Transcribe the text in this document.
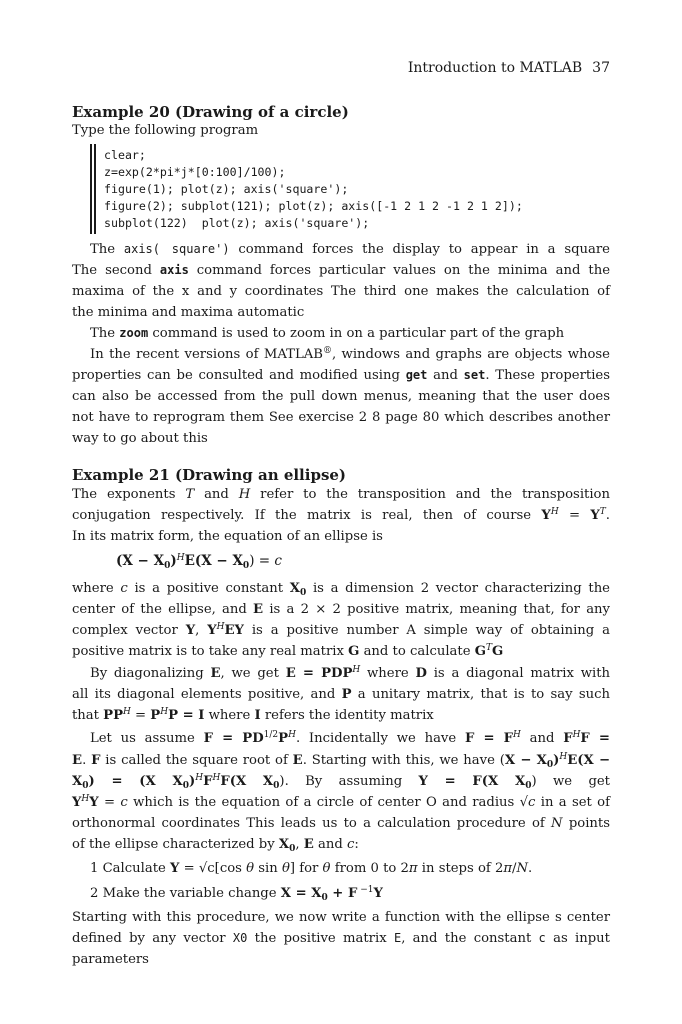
Introduction to MATLAB 37
Example 20 (Drawing of a circle)
Type the following program
clear;
z=exp(2*pi*j*[0:100]/100);
figure(1); plot(z); axis('square');
figure(2); subplot(121); plot(z); axis([-1 2 1 2 -1 2 1 2]);
subplot(122)  plot(z); axis('square');
The axis( square') command forces the display to appear in a square
The second axis command forces particular values on the minima and the
maxima of the x and y coordinates The third one makes the calculation of
the minima and maxima automatic
The zoom command is used to zoom in on a particular part of the graph
In the recent versions of MATLAB®, windows and graphs are objects whose
properties can be consulted and modified using get and set. These properties
can also be accessed from the pull down menus, meaning that the user does
not have to reprogram them See exercise 2 8 page 80 which describes another
way to go about this
Example 21 (Drawing an ellipse)
The exponents T and H refer to the transposition and the transposition
conjugation respectively. If the matrix is real, then of course $Y^H = Y^T$.
In its matrix form, the equation of an ellipse is
$(X - X_0)^HE(X - X_0) = c$
where c is a positive constant $X_0$ is a dimension 2 vector characterizing the
center of the ellipse, and E is a 2 × 2 positive matrix, meaning that, for any
complex vector Y, $Y^HEY$ is a positive number A simple way of obtaining a
positive matrix is to take any real matrix G and to calculate $G^TG$
By diagonalizing E, we get $E = PDP^H$ where D is a diagonal matrix with
all its diagonal elements positive, and P a unitary matrix, that is to say such
that $PP^H = P^HP = I$ where I refers the identity matrix
Let us assume $F = PD^{1/2}P^H$. Incidentally we have $F = F^H$ and $F^HF$ =
E. F is called the square root of E. Starting with this, we have $(X - X_0)^HE(X$ −
$X_0) = (X$ $X_0)^HF^HF(X$ $X_0$). By assuming Y = F(X $X_0$) we get
$Y^HY = c$ which is the equation of a circle of center O and radius √c in a set of
orthonormal coordinates This leads us to a calculation procedure of N points
of the ellipse characterized by $X_0$, E and c:
1 Calculate Y = √c[cos θ sin θ] for θ from 0 to 2π in steps of 2π/N.
2 Make the variable change $X = X_0 + F$ $^{-1}$Y
Starting with this procedure, we now write a function with the ellipse s center
defined by any vector X0 the positive matrix E, and the constant c as input
parameters
